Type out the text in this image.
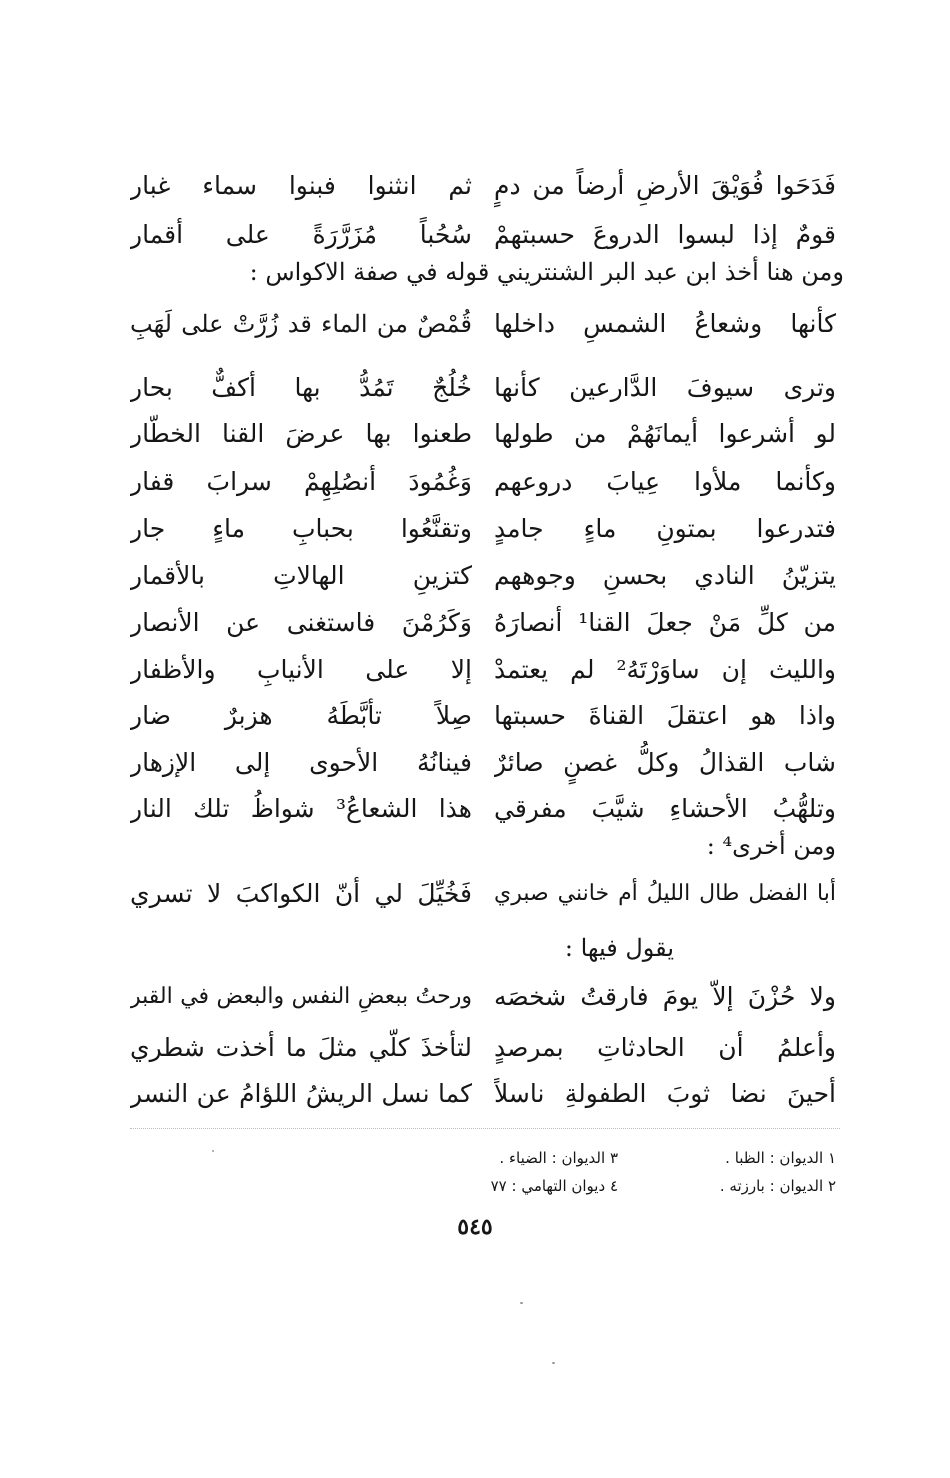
فَدَحَوا فُوَيْقَ الأرضِ أرضاً من دمٍ
ثم انثنوا فبنوا سماء غبار
قومٌ إذا لبسوا الدروعَ حسبتهمْ
سُحُباً مُزَرَّرَةً على أقمار
ومن هنا أخذ ابن عبد البر الشنتريني قوله في صفة الاكواس :
كأنها وشعاعُ الشمسِ داخلها
قُمْصٌ من الماء قد زُرَّتْ على لَهَبِ
وترى سيوفَ الدَّارعين كأنها
خُلُجٌ تَمُدُّ بها أكفٌّ بحار
لو أشرعوا أيمانَهُمْ من طولها
طعنوا بها عرضَ القنا الخطّار
وكأنما ملأوا عِيابَ دروعهم
وَغُمُودَ أنصُلِهِمْ سرابَ قفار
فتدرعوا بمتونِ ماءٍ جامدٍ
وتقنَّعُوا بحبابِ ماءٍ جار
يتزيّنُ النادي بحسنِ وجوههم
كتزينِ الهالاتِ بالأقمار
من كلِّ مَنْ جعلَ القنا¹ أنصارَهُ
وَكَرُمْنَ فاستغنى عن الأنصار
والليث إن ساوَرْتَهُ² لم يعتمدْ
إلا على الأنيابِ والأظفار
واذا هو اعتقلَ القناةَ حسبتها
صِلاً تأبَّطَهُ هزبرٌ ضار
شاب القذالُ وكلُّ غصنٍ صائرٌ
فينانُهُ الأحوى إلى الإزهار
وتلهُّبُ الأحشاءِ شيَّبَ مفرقي
هذا الشعاعُ³ شواظُ تلك النار
ومن أخرى⁴ :
أبا الفضل طال الليلُ أم خانني صبري
فَخُيِّلَ لي أنّ الكواكبَ لا تسري
يقول فيها :
ولا حُزْنَ إلاّ يومَ فارقتُ شخصَه
ورحتُ ببعضِ النفس والبعض في القبر
وأعلمُ أن الحادثاتِ بمرصدٍ
لتأخذَ كلّي مثلَ ما أخذت شطري
أحينَ نضا ثوبَ الطفولةِ ناسلاً
كما نسل الريشُ اللؤامُ عن النسر
١ الديوان : الظبا .
٣ الديوان : الضياء .
٢ الديوان : بارزته .
٤ ديوان التهامي : ٧٧
٥٤٥
